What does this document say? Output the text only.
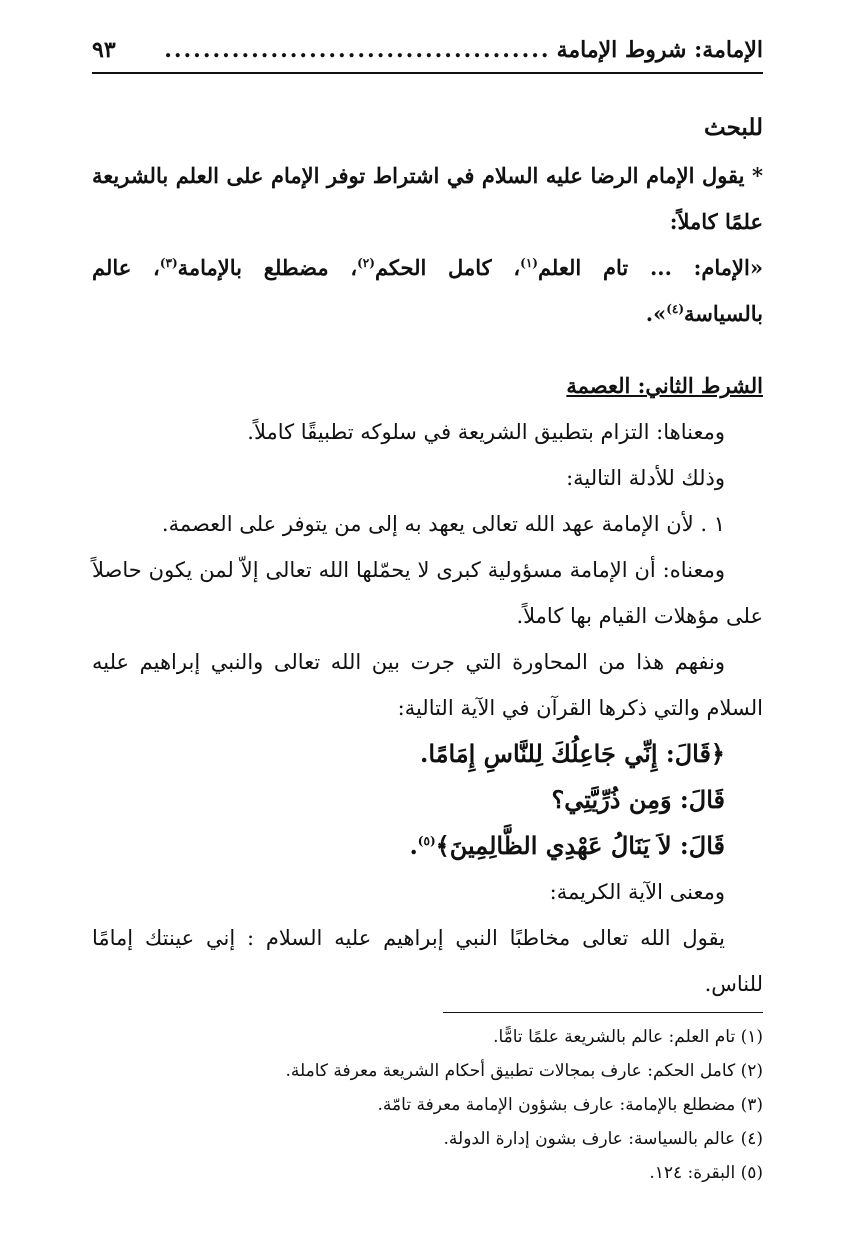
الإمامة: شروط الإمامة
........................................
٩٣

للبحث

* يقول الإمام الرضا عليه السلام في اشتراط توفر الإمام على العلم بالشريعة علمًا كاملاً:

«الإمام: ... تام العلم$^{(١)}$، كامل الحكم$^{(٢)}$، مضطلع بالإمامة$^{(٣)}$، عالم بالسياسة$^{(٤)}$».

الشرط الثاني: العصمة

ومعناها: التزام بتطبيق الشريعة في سلوكه تطبيقًا كاملاً.

وذلك للأدلة التالية:

١ . لأن الإمامة عهد الله تعالى يعهد به إلى من يتوفر على العصمة.

ومعناه: أن الإمامة مسؤولية كبرى لا يحمّلها الله تعالى إلاّ لمن يكون حاصلاً على مؤهلات القيام بها كاملاً.

ونفهم هذا من المحاورة التي جرت بين الله تعالى والنبي إبراهيم عليه السلام والتي ذكرها القرآن في الآية التالية:

﴿قَالَ: إِنِّي جَاعِلُكَ لِلنَّاسِ إِمَامًا.

قَالَ: وَمِن ذُرِّيَّتِي؟

قَالَ: لاَ يَنَالُ عَهْدِي الظَّالِمِينَ﴾$^{(٥)}$.

ومعنى الآية الكريمة:

يقول الله تعالى مخاطبًا النبي إبراهيم عليه السلام : إني عينتك إمامًا للناس.

(١) تام العلم: عالم بالشريعة علمًا تامًّا.
(٢) كامل الحكم: عارف بمجالات تطبيق أحكام الشريعة معرفة كاملة.
(٣) مضطلع بالإمامة: عارف بشؤون الإمامة معرفة تامّة.
(٤) عالم بالسياسة: عارف بشون إدارة الدولة.
(٥) البقرة: ١٢٤.
